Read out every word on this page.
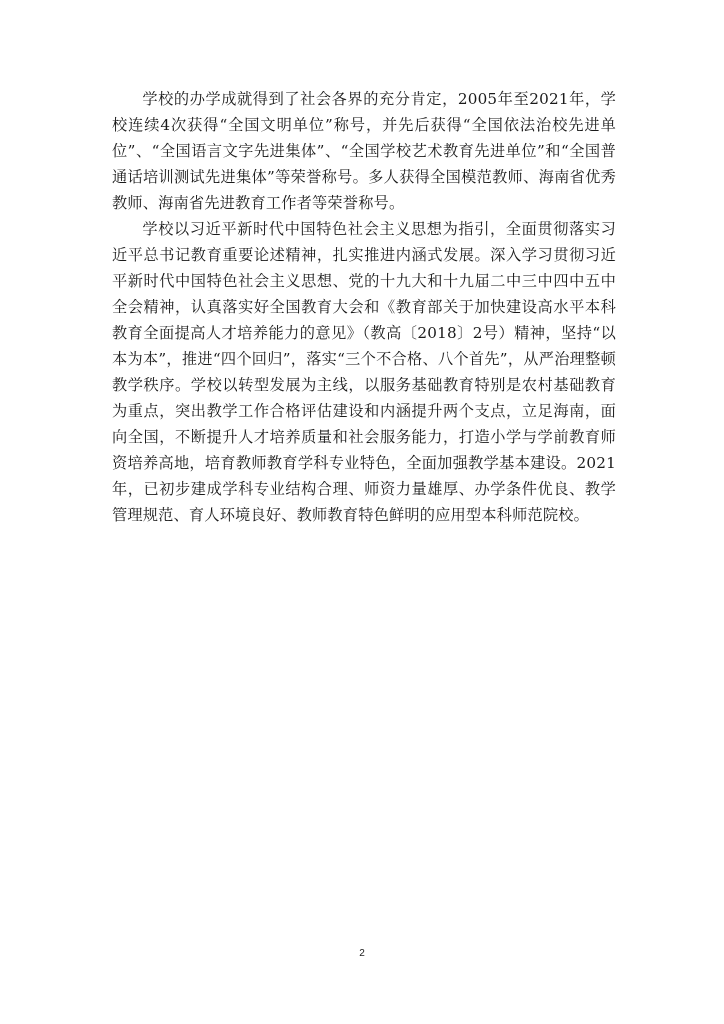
学校的办学成就得到了社会各界的充分肯定，2005年至2021年，学校连续4次获得“全国文明单位”称号，并先后获得“全国依法治校先进单位”、“全国语言文字先进集体”、“全国学校艺术教育先进单位”和“全国普通话培训测试先进集体”等荣誉称号。多人获得全国模范教师、海南省优秀教师、海南省先进教育工作者等荣誉称号。

学校以习近平新时代中国特色社会主义思想为指引，全面贯彻落实习近平总书记教育重要论述精神，扎实推进内涵式发展。深入学习贯彻习近平新时代中国特色社会主义思想、党的十九大和十九届二中三中四中五中全会精神，认真落实好全国教育大会和《教育部关于加快建设高水平本科教育全面提高人才培养能力的意见》（教高〔2018〕2号）精神，坚持“以本为本”，推进“四个回归”，落实“三个不合格、八个首先”，从严治理整顿教学秩序。学校以转型发展为主线，以服务基础教育特别是农村基础教育为重点，突出教学工作合格评估建设和内涵提升两个支点，立足海南，面向全国，不断提升人才培养质量和社会服务能力，打造小学与学前教育师资培养高地，培育教师教育学科专业特色，全面加强教学基本建设。2021年，已初步建成学科专业结构合理、师资力量雄厚、办学条件优良、教学管理规范、育人环境良好、教师教育特色鲜明的应用型本科师范院校。

2
